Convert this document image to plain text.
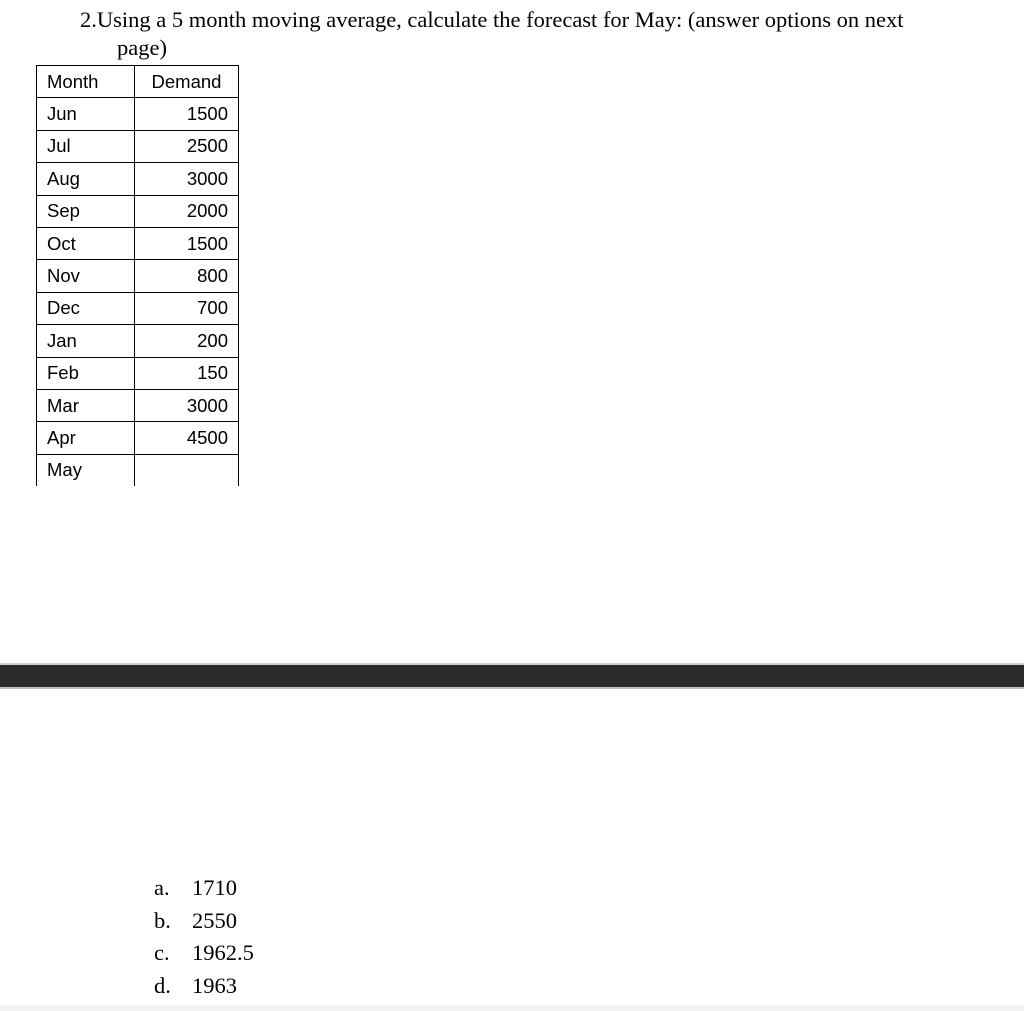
2.Using a 5 month moving average, calculate the forecast for May: (answer options on next
page)

Month	Demand
Jun	1500
Jul	2500
Aug	3000
Sep	2000
Oct	1500
Nov	800
Dec	700
Jan	200
Feb	150
Mar	3000
Apr	4500
May	
a. 1710
b. 2550
c. 1962.5
d. 1963
